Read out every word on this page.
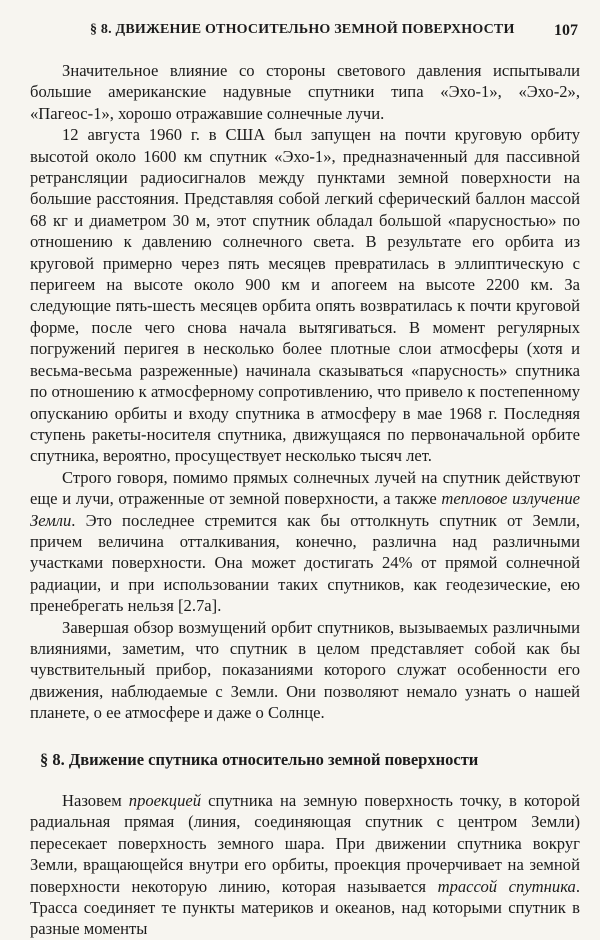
§ 8. ДВИЖЕНИЕ ОТНОСИТЕЛЬНО ЗЕМНОЙ ПОВЕРХНОСТИ 107

Значительное влияние со стороны светового давления испытывали большие американские надувные спутники типа «Эхо-1», «Эхо-2», «Пагеос-1», хорошо отражавшие солнечные лучи.

12 августа 1960 г. в США был запущен на почти круговую орбиту высотой около 1600 км спутник «Эхо-1», предназначенный для пассивной ретрансляции радиосигналов между пунктами земной поверхности на большие расстояния. Представляя собой легкий сферический баллон массой 68 кг и диаметром 30 м, этот спутник обладал большой «парусностью» по отношению к давлению солнечного света. В результате его орбита из круговой примерно через пять месяцев превратилась в эллиптическую с перигеем на высоте около 900 км и апогеем на высоте 2200 км. За следующие пять-шесть месяцев орбита опять возвратилась к почти круговой форме, после чего снова начала вытягиваться. В момент регулярных погружений перигея в несколько более плотные слои атмосферы (хотя и весьма-весьма разреженные) начинала сказываться «парусность» спутника по отношению к атмосферному сопротивлению, что привело к постепенному опусканию орбиты и входу спутника в атмосферу в мае 1968 г. Последняя ступень ракеты-носителя спутника, движущаяся по первоначальной орбите спутника, вероятно, просуществует несколько тысяч лет.

Строго говоря, помимо прямых солнечных лучей на спутник действуют еще и лучи, отраженные от земной поверхности, а также тепловое излучение Земли. Это последнее стремится как бы оттолкнуть спутник от Земли, причем величина отталкивания, конечно, различна над различными участками поверхности. Она может достигать 24% от прямой солнечной радиации, и при использовании таких спутников, как геодезические, ею пренебрегать нельзя [2.7а].

Завершая обзор возмущений орбит спутников, вызываемых различными влияниями, заметим, что спутник в целом представляет собой как бы чувствительный прибор, показаниями которого служат особенности его движения, наблюдаемые с Земли. Они позволяют немало узнать о нашей планете, о ее атмосфере и даже о Солнце.

§ 8. Движение спутника относительно земной поверхности

Назовем проекцией спутника на земную поверхность точку, в которой радиальная прямая (линия, соединяющая спутник с центром Земли) пересекает поверхность земного шара. При движении спутника вокруг Земли, вращающейся внутри его орбиты, проекция прочерчивает на земной поверхности некоторую линию, которая называется трассой спутника. Трасса соединяет те пункты материков и океанов, над которыми спутник в разные моменты
